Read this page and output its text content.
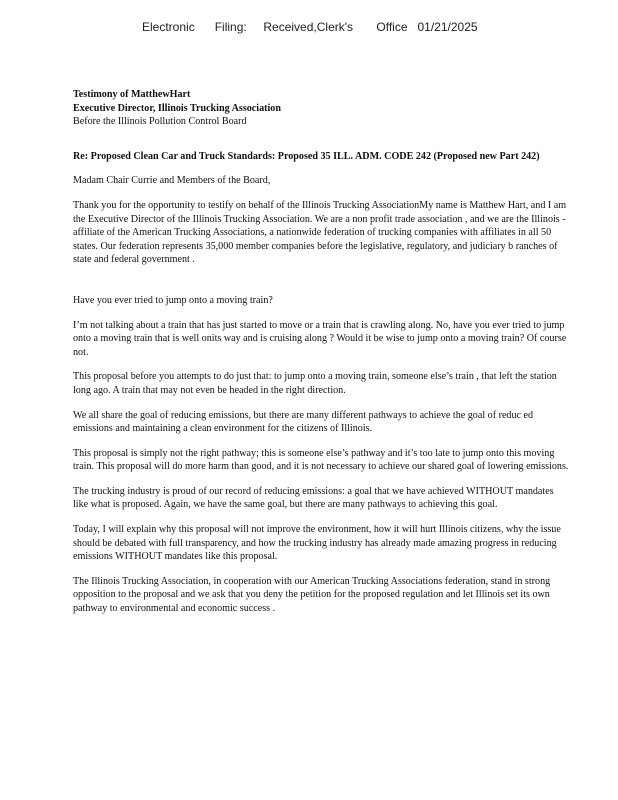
Electronic      Filing:     Received,Clerk's       Office   01/21/2025

Testimony of MatthewHart

Executive Director, Illinois Trucking Association

Before the Illinois Pollution Control Board

Re: Proposed Clean Car and Truck Standards: Proposed 35 ILL. ADM. CODE 242 (Proposed new Part 242)

Madam Chair Currie and Members of the Board,

Thank you for the opportunity to testify on behalf of the Illinois Trucking AssociationMy name is Matthew Hart, and I am the Executive Director of the Illinois Trucking Association. We are a non profit trade association , and we are the Illinois -affiliate of the American Trucking Associations, a nationwide federation of trucking companies with affiliates in all 50 states. Our federation represents 35,000 member companies before the legislative, regulatory, and judiciary b ranches of state and federal government .

Have you ever tried to jump onto a moving train?

I’m not talking about a train that has just started to move or a train that is crawling along. No, have you ever tried to jump onto a moving train that is well onits way and is cruising along ? Would it be wise to jump onto a moving train? Of course not.

This proposal before you attempts to do just that: to jump onto a moving train, someone else’s train , that left the station long ago. A train that may not even be headed in the right direction.

We all share the goal of reducing emissions, but there are many different pathways to achieve the goal of reduc ed emissions and maintaining a clean environment for the citizens of Illinois.

This proposal is simply not the right pathway; this is someone else’s pathway and it’s too late to jump onto this moving train. This proposal will do more harm than good, and it is not necessary to achieve our shared goal of lowering emissions.

The trucking industry is proud of our record of reducing emissions: a goal that we have achieved WITHOUT mandates like what is proposed. Again, we have the same goal, but there are many pathways to achieving this goal.

Today, I will explain why this proposal will not improve the environment, how it will hurt Illinois citizens, why the issue should be debated with full transparency, and how the trucking industry has already made amazing progress in reducing emissions WITHOUT mandates like this proposal.

The Illinois Trucking Association, in cooperation with our American Trucking Associations federation, stand in strong opposition to the proposal and we ask that you deny the petition for the proposed regulation and let Illinois set its own pathway to environmental and economic success .
